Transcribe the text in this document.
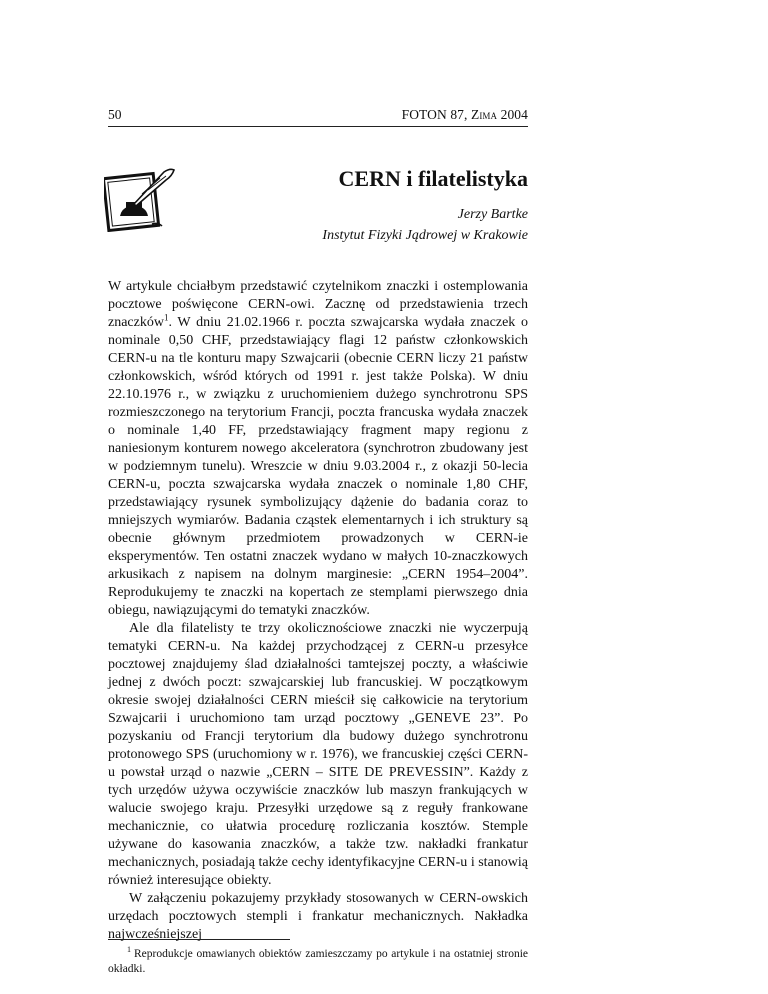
50	FOTON 87, Zima 2004
CERN i filatelistyka
Jerzy Bartke
Instytut Fizyki Jądrowej w Krakowie

W artykule chciałbym przedstawić czytelnikom znaczki i ostemplowania pocztowe poświęcone CERN-owi. Zacznę od przedstawienia trzech znaczków$^1$. W dniu 21.02.1966 r. poczta szwajcarska wydała znaczek o nominale 0,50 CHF, przedstawiający flagi 12 państw członkowskich CERN-u na tle konturu mapy Szwajcarii (obecnie CERN liczy 21 państw członkowskich, wśród których od 1991 r. jest także Polska). W dniu 22.10.1976 r., w związku z uruchomieniem dużego synchrotronu SPS rozmieszczonego na terytorium Francji, poczta francuska wydała znaczek o nominale 1,40 FF, przedstawiający fragment mapy regionu z naniesionym konturem nowego akceleratora (synchrotron zbudowany jest w podziemnym tunelu). Wreszcie w dniu 9.03.2004 r., z okazji 50-lecia CERN-u, poczta szwajcarska wydała znaczek o nominale 1,80 CHF, przedstawiający rysunek symbolizujący dążenie do badania coraz to mniejszych wymiarów. Badania cząstek elementarnych i ich struktury są obecnie głównym przedmiotem prowadzonych w CERN-ie eksperymentów. Ten ostatni znaczek wydano w małych 10-znaczkowych arkusikach z napisem na dolnym marginesie: „CERN 1954–2004”. Reprodukujemy te znaczki na kopertach ze stemplami pierwszego dnia obiegu, nawiązującymi do tematyki znaczków.

Ale dla filatelisty te trzy okolicznościowe znaczki nie wyczerpują tematyki CERN-u. Na każdej przychodzącej z CERN-u przesyłce pocztowej znajdujemy ślad działalności tamtejszej poczty, a właściwie jednej z dwóch poczt: szwajcarskiej lub francuskiej. W początkowym okresie swojej działalności CERN mieścił się całkowicie na terytorium Szwajcarii i uruchomiono tam urząd pocztowy „GENEVE 23”. Po pozyskaniu od Francji terytorium dla budowy dużego synchrotronu protonowego SPS (uruchomiony w r. 1976), we francuskiej części CERN-u powstał urząd o nazwie „CERN – SITE DE PREVESSIN”. Każdy z tych urzędów używa oczywiście znaczków lub maszyn frankujących w walucie swojego kraju. Przesyłki urzędowe są z reguły frankowane mechanicznie, co ułatwia procedurę rozliczania kosztów. Stemple używane do kasowania znaczków, a także tzw. nakładki frankatur mechanicznych, posiadają także cechy identyfikacyjne CERN-u i stanowią również interesujące obiekty.

W załączeniu pokazujemy przykłady stosowanych w CERN-owskich urzędach pocztowych stempli i frankatur mechanicznych. Nakładka najwcześniejszej

$^1$ Reprodukcje omawianych obiektów zamieszczamy po artykule i na ostatniej stronie okładki.
